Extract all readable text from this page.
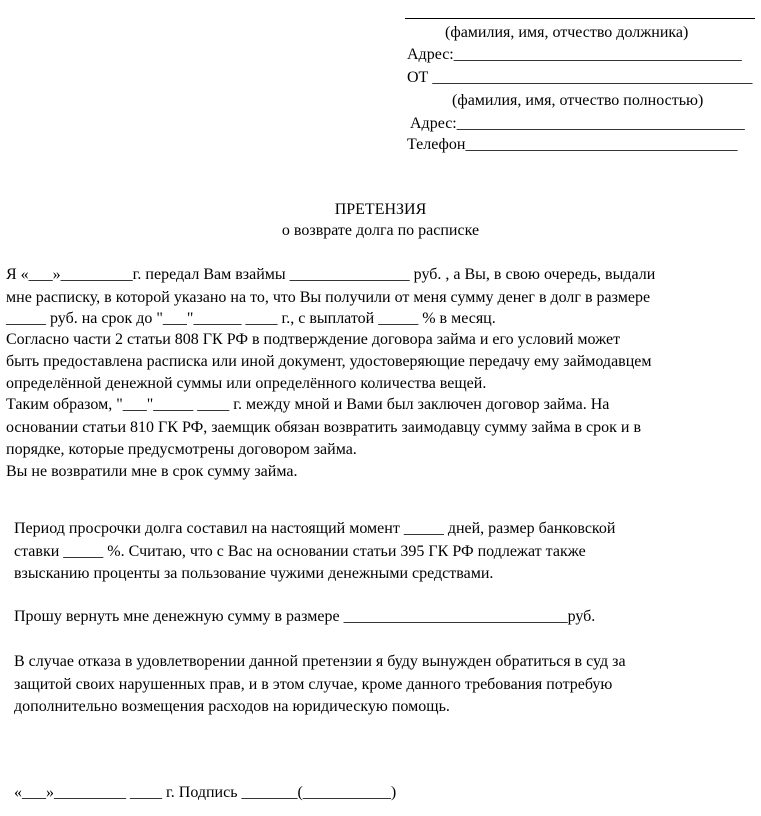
(фамилия, имя, отчество должника)
Адрес:____________________________________
ОТ ________________________________________
(фамилия, имя, отчество полностью)
Адрес:____________________________________
Телефон__________________________________
ПРЕТЕНЗИЯ
о возврате долга по расписке
Я «___»_________г. передал Вам взаймы _______________ руб. , а Вы, в свою очередь, выдали
мне расписку, в которой указано на то, что Вы получили от меня сумму денег в долг в размере
_____ руб. на срок до "___"______ ____ г., с выплатой _____ % в месяц.
Согласно части 2 статьи 808 ГК РФ в подтверждение договора займа и его условий может
быть предоставлена расписка или иной документ, удостоверяющие передачу ему займодавцем
определённой денежной суммы или определённого количества вещей.
Таким образом, "___"_____ ____ г. между мной и Вами был заключен договор займа. На
основании статьи 810 ГК РФ, заемщик обязан возвратить заимодавцу сумму займа в срок и в
порядке, которые предусмотрены договором займа.
Вы не возвратили мне в срок сумму займа.
Период просрочки долга составил на настоящий момент _____ дней, размер банковской
ставки _____ %. Считаю, что с Вас на основании статьи 395 ГК РФ подлежат также
взысканию проценты за пользование чужими денежными средствами.
Прошу вернуть мне денежную сумму в размере ____________________________руб.
В случае отказа в удовлетворении данной претензии я буду вынужден обратиться в суд за
защитой своих нарушенных прав, и в этом случае, кроме данного требования потребую
дополнительно возмещения расходов на юридическую помощь.
«___»_________ ____ г. Подпись _______(___________)
